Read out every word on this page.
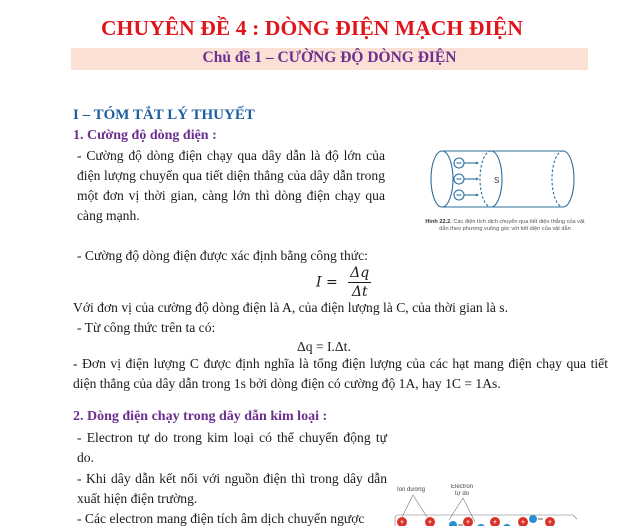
CHUYÊN ĐỀ 4 : DÒNG ĐIỆN MẠCH ĐIỆN
Chủ đề 1 – CƯỜNG ĐỘ DÒNG ĐIỆN
I – TÓM TẮT LÝ THUYẾT
1. Cường độ dòng điện :
- Cường độ dòng điện chạy qua dây dẫn là độ lớn của điện lượng chuyển qua tiết diện thẳng của dây dẫn trong một đơn vị thời gian, càng lớn thì dòng điện chạy qua càng mạnh.
S
Hình 22.2. Các điện tích dịch chuyển qua tiết diện thẳng của vật dẫn theo phương vuông góc với tiết diện của vật dẫn
- Cường độ dòng điện được xác định bằng công thức:
$I = \frac{\Delta q}{\Delta t}$
Với đơn vị của cường độ dòng điện là A, của điện lượng là C, của thời gian là s.
- Từ công thức trên ta có:
Δq = I.Δt.
- Đơn vị điện lượng C được định nghĩa là tổng điện lượng của các hạt mang điện chạy qua tiết diện thẳng của dây dẫn trong 1s bởi dòng điện có cường độ 1A, hay 1C = 1As.
2. Dòng điện chạy trong dây dẫn kim loại :
- Electron tự do trong kim loại có thể chuyển động tự do.
- Khi dây dẫn kết nối với nguồn điện thì trong dây dẫn xuất hiện điện trường.
- Các electron mang điện tích âm dịch chuyển ngược
Ion dương	Electron
tự do
+	+	+	+	+	+
